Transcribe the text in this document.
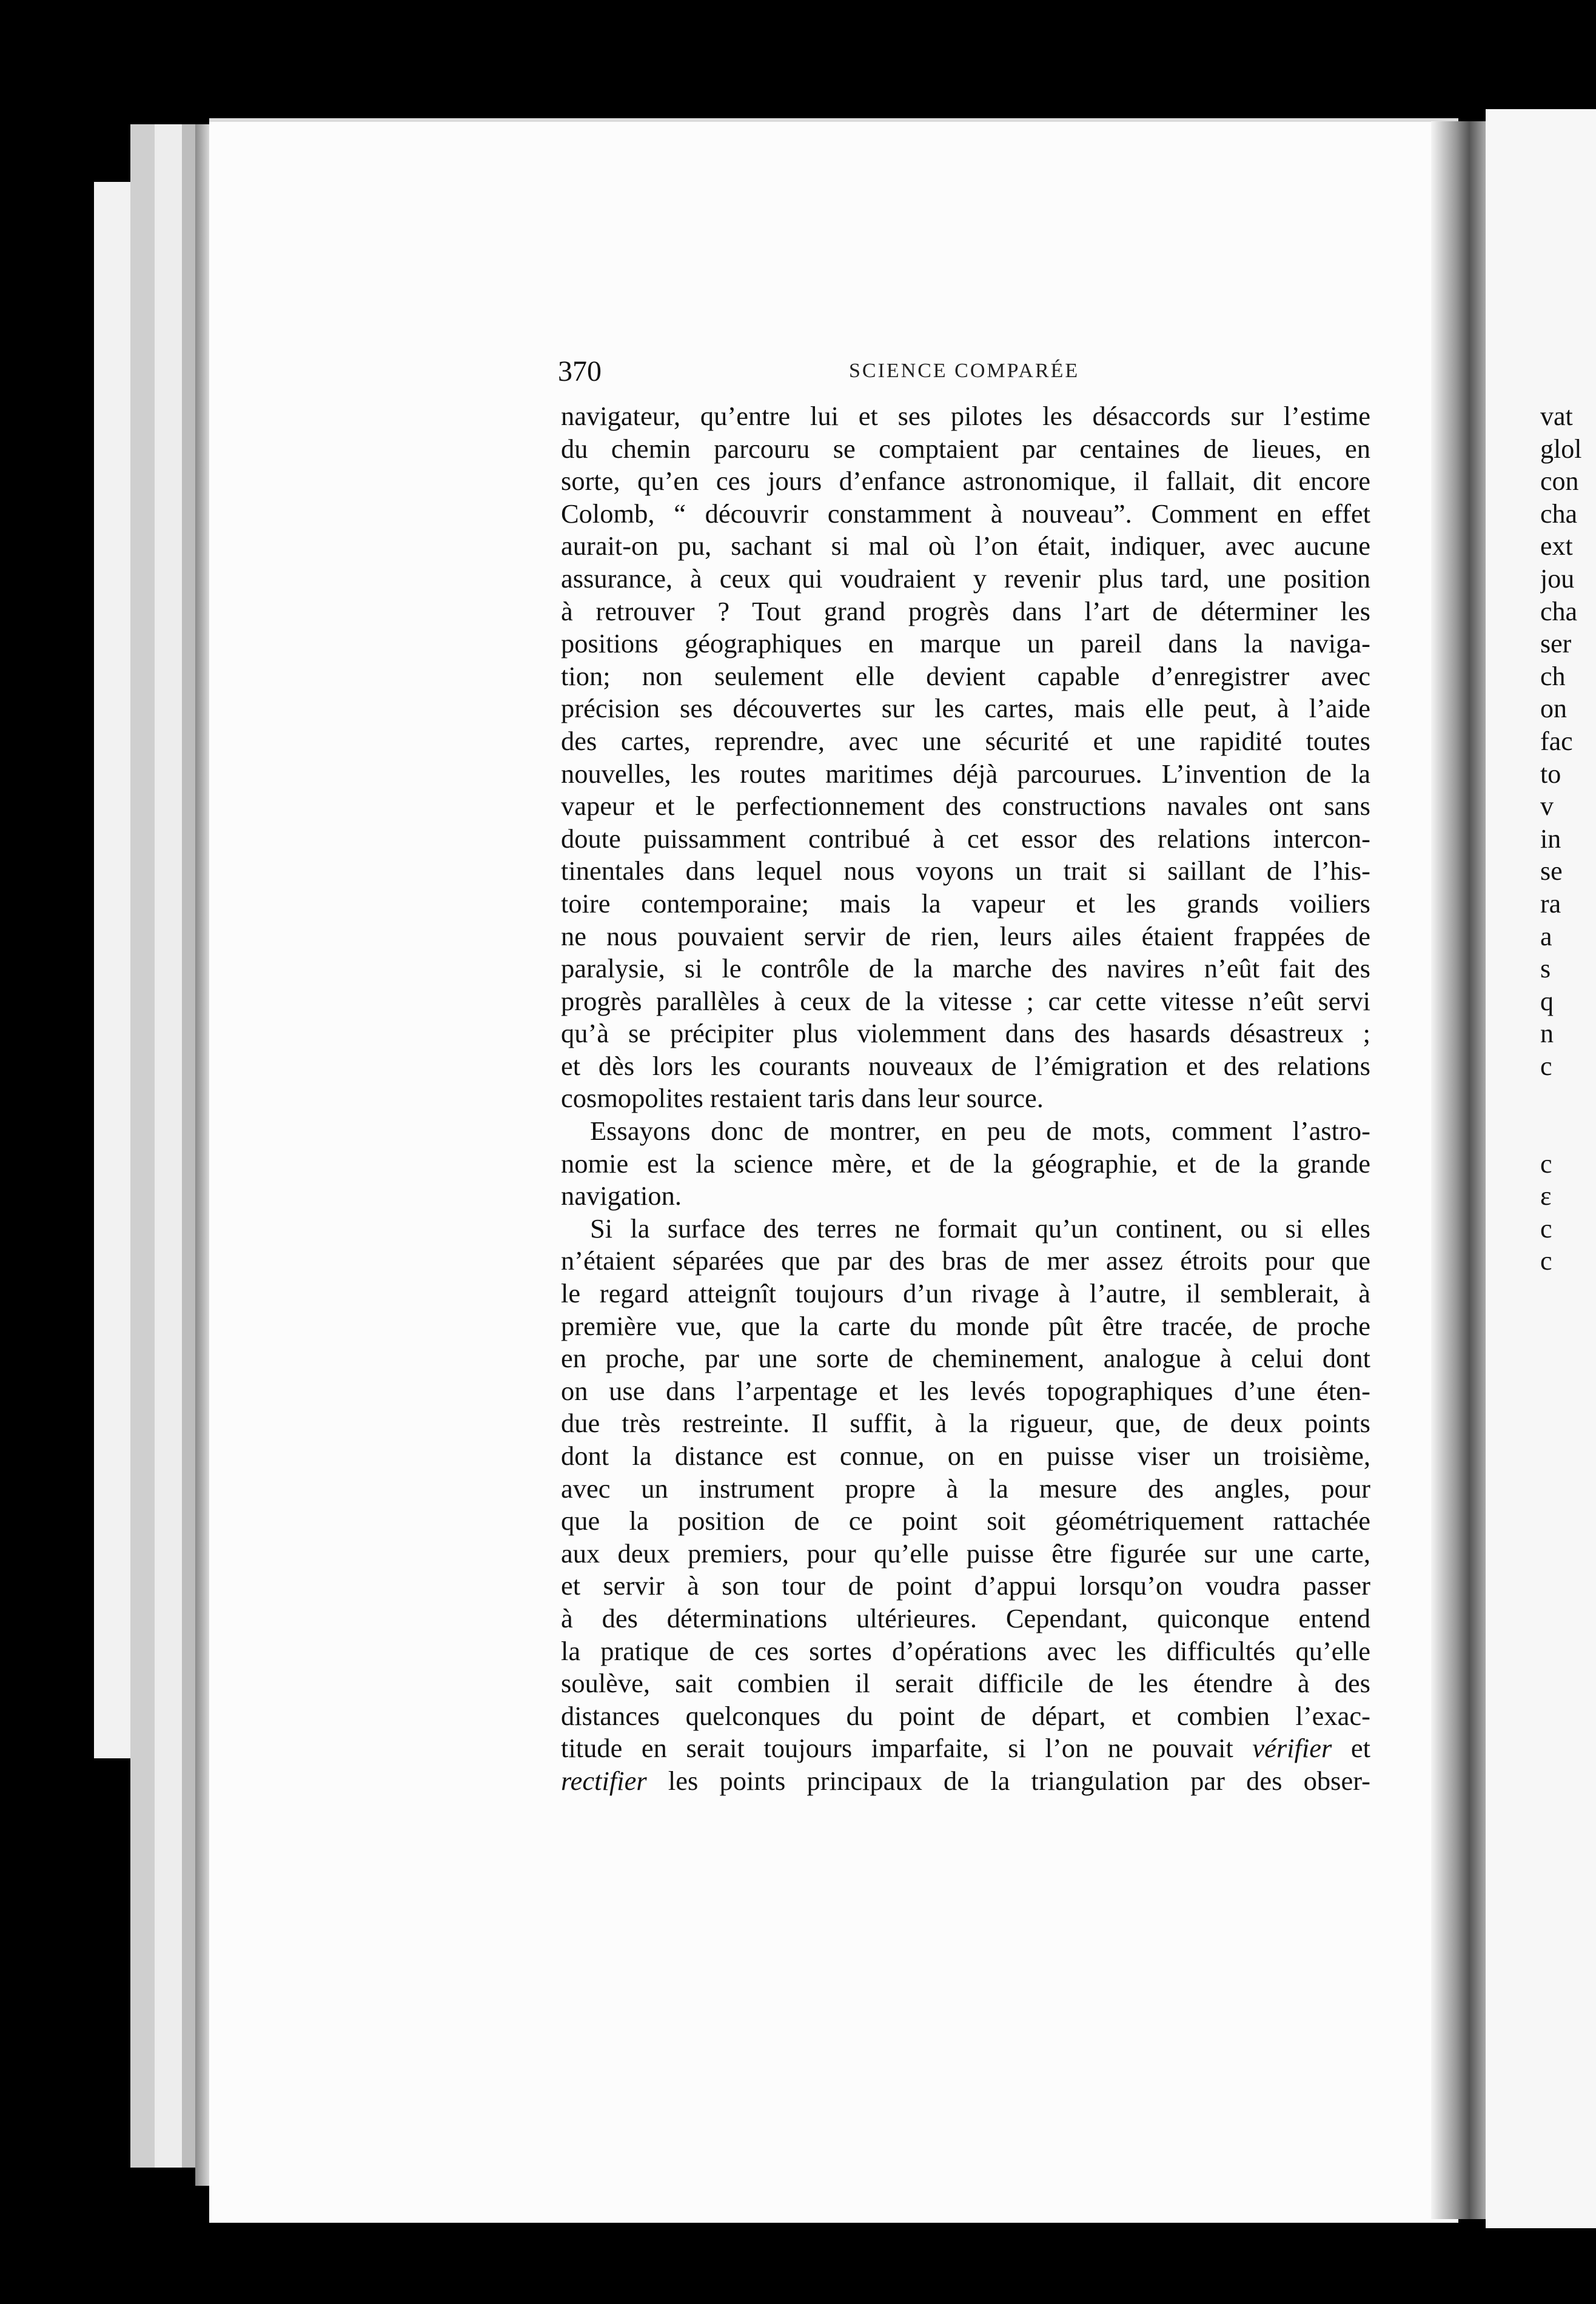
370	SCIENCE COMPARÉE
navigateur, qu’entre lui et ses pilotes les désaccords sur l’estime
du chemin parcouru se comptaient par centaines de lieues, en
sorte, qu’en ces jours d’enfance astronomique, il fallait, dit encore
Colomb, “ découvrir constamment à nouveau”. Comment en effet
aurait-on pu, sachant si mal où l’on était, indiquer, avec aucune
assurance, à ceux qui voudraient y revenir plus tard, une position
à retrouver ? Tout grand progrès dans l’art de déterminer les
positions géographiques en marque un pareil dans la naviga-
tion; non seulement elle devient capable d’enregistrer avec
précision ses découvertes sur les cartes, mais elle peut, à l’aide
des cartes, reprendre, avec une sécurité et une rapidité toutes
nouvelles, les routes maritimes déjà parcourues. L’invention de la
vapeur et le perfectionnement des constructions navales ont sans
doute puissamment contribué à cet essor des relations intercon-
tinentales dans lequel nous voyons un trait si saillant de l’his-
toire contemporaine; mais la vapeur et les grands voiliers
ne nous pouvaient servir de rien, leurs ailes étaient frappées de
paralysie, si le contrôle de la marche des navires n’eût fait des
progrès parallèles à ceux de la vitesse ; car cette vitesse n’eût servi
qu’à se précipiter plus violemment dans des hasards désastreux ;
et dès lors les courants nouveaux de l’émigration et des relations
cosmopolites restaient taris dans leur source.
Essayons donc de montrer, en peu de mots, comment l’astro-
nomie est la science mère, et de la géographie, et de la grande
navigation.
Si la surface des terres ne formait qu’un continent, ou si elles
n’étaient séparées que par des bras de mer assez étroits pour que
le regard atteignît toujours d’un rivage à l’autre, il semblerait, à
première vue, que la carte du monde pût être tracée, de proche
en proche, par une sorte de cheminement, analogue à celui dont
on use dans l’arpentage et les levés topographiques d’une éten-
due très restreinte. Il suffit, à la rigueur, que, de deux points
dont la distance est connue, on en puisse viser un troisième,
avec un instrument propre à la mesure des angles, pour
que la position de ce point soit géométriquement rattachée
aux deux premiers, pour qu’elle puisse être figurée sur une carte,
et servir à son tour de point d’appui lorsqu’on voudra passer
à des déterminations ultérieures. Cependant, quiconque entend
la pratique de ces sortes d’opérations avec les difficultés qu’elle
soulève, sait combien il serait difficile de les étendre à des
distances quelconques du point de départ, et combien l’exac-
titude en serait toujours imparfaite, si l’on ne pouvait vérifier et
rectifier les points principaux de la triangulation par des obser-
vat
glol
con
cha
ext
jou
cha
ser
ch
on
fac
to
v
in
se
ra
a
s
q
n
c
c
ε
c
c
